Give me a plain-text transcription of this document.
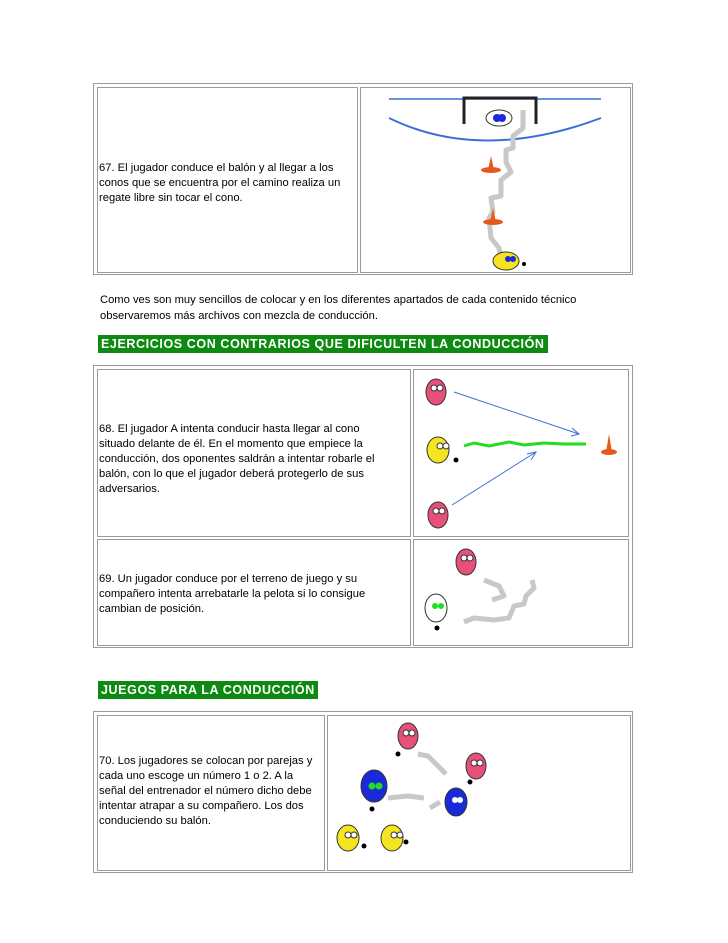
67. El jugador conduce el balón y al llegar a los
conos que se encuentra por el camino realiza un
regate libre sin tocar el cono.
Como ves son muy sencillos de colocar y en los diferentes apartados de cada contenido técnico observaremos más archivos con mezcla de conducción.
EJERCICIOS CON CONTRARIOS QUE DIFICULTEN LA CONDUCCIÓN
68. El jugador A intenta conducir hasta llegar al cono
situado delante de él. En el momento que empiece la
conducción, dos oponentes saldrán a intentar robarle el
balón, con lo que el jugador deberá protegerlo de sus
adversarios.
69. Un jugador conduce por el terreno de juego y su
compañero intenta arrebatarle la pelota si lo consigue
cambian de posición.
JUEGOS PARA LA CONDUCCIÓN
70. Los jugadores se colocan por parejas y
cada uno escoge un número 1 o 2. A la
señal del entrenador el número dicho debe
intentar atrapar a su compañero. Los dos
conduciendo su balón.
